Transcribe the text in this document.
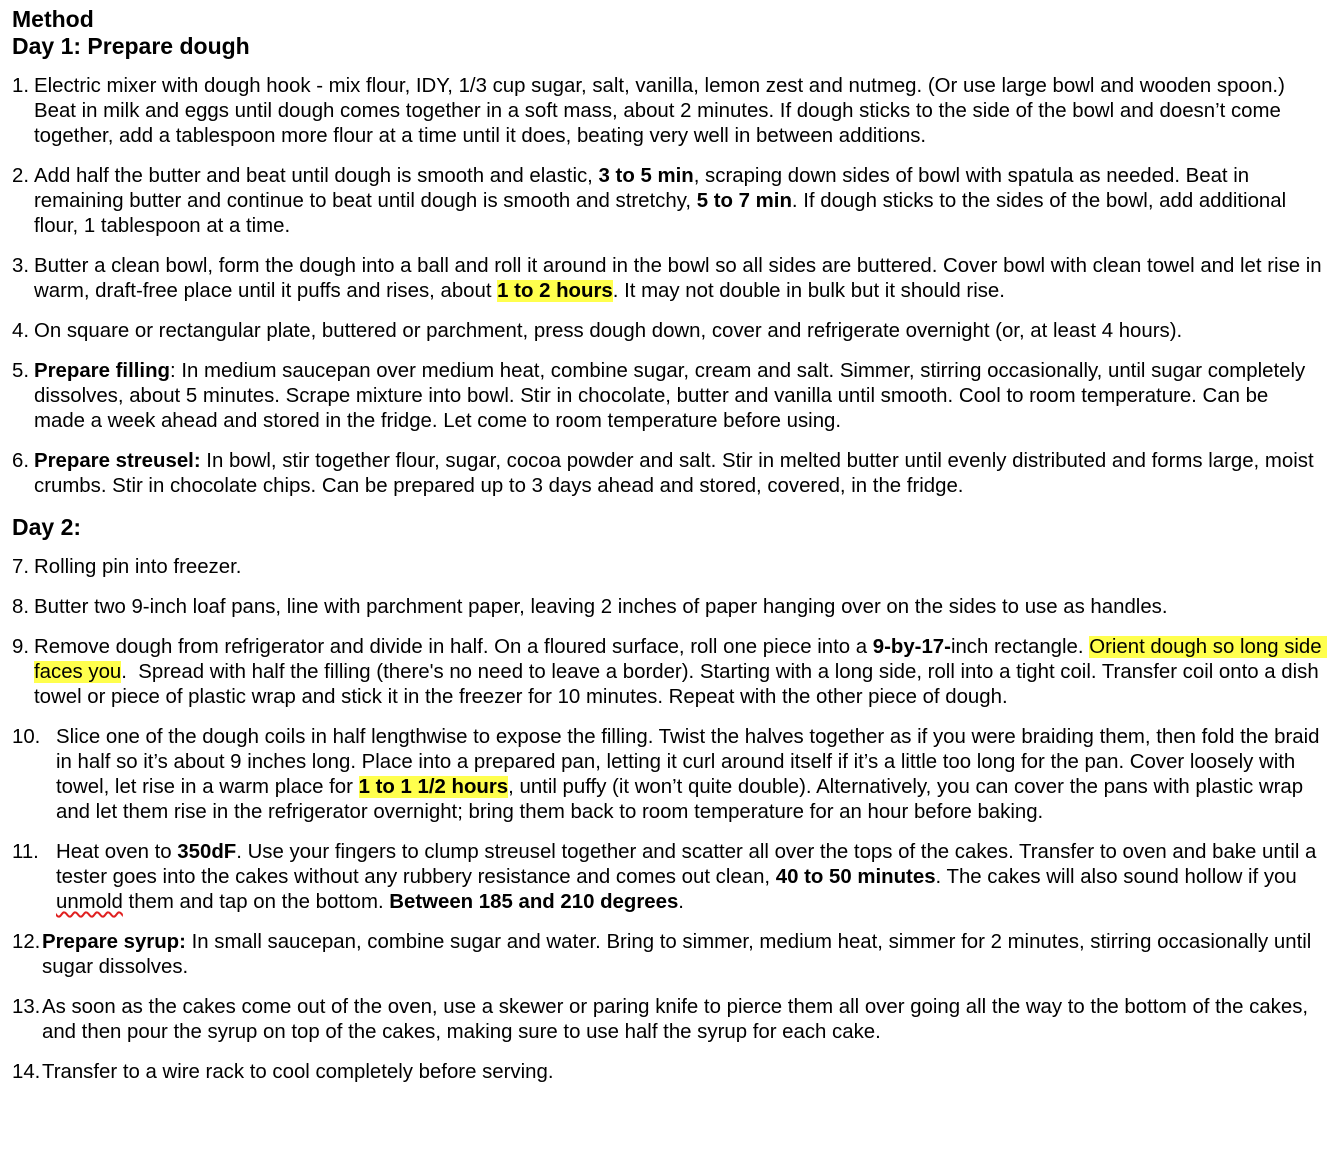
Method
Day 1: Prepare dough
1. Electric mixer with dough hook - mix flour, IDY, 1/3 cup sugar, salt, vanilla, lemon zest and nutmeg. (Or use large bowl and wooden spoon.) Beat in milk and eggs until dough comes together in a soft mass, about 2 minutes. If dough sticks to the side of the bowl and doesn’t come together, add a tablespoon more flour at a time until it does, beating very well in between additions.
2. Add half the butter and beat until dough is smooth and elastic, 3 to 5 min, scraping down sides of bowl with spatula as needed. Beat in remaining butter and continue to beat until dough is smooth and stretchy, 5 to 7 min. If dough sticks to the sides of the bowl, add additional flour, 1 tablespoon at a time.
3. Butter a clean bowl, form the dough into a ball and roll it around in the bowl so all sides are buttered. Cover bowl with clean towel and let rise in warm, draft-free place until it puffs and rises, about 1 to 2 hours. It may not double in bulk but it should rise.
4. On square or rectangular plate, buttered or parchment, press dough down, cover and refrigerate overnight (or, at least 4 hours).
5. Prepare filling: In medium saucepan over medium heat, combine sugar, cream and salt. Simmer, stirring occasionally, until sugar completely dissolves, about 5 minutes. Scrape mixture into bowl. Stir in chocolate, butter and vanilla until smooth. Cool to room temperature. Can be made a week ahead and stored in the fridge. Let come to room temperature before using.
6. Prepare streusel: In bowl, stir together flour, sugar, cocoa powder and salt. Stir in melted butter until evenly distributed and forms large, moist crumbs. Stir in chocolate chips. Can be prepared up to 3 days ahead and stored, covered, in the fridge.
Day 2:
7. Rolling pin into freezer.
8. Butter two 9-inch loaf pans, line with parchment paper, leaving 2 inches of paper hanging over on the sides to use as handles.
9. Remove dough from refrigerator and divide in half. On a floured surface, roll one piece into a 9-by-17-inch rectangle. Orient dough so long side faces you.  Spread with half the filling (there's no need to leave a border). Starting with a long side, roll into a tight coil. Transfer coil onto a dish towel or piece of plastic wrap and stick it in the freezer for 10 minutes. Repeat with the other piece of dough.
10. Slice one of the dough coils in half lengthwise to expose the filling. Twist the halves together as if you were braiding them, then fold the braid in half so it’s about 9 inches long. Place into a prepared pan, letting it curl around itself if it’s a little too long for the pan. Cover loosely with towel, let rise in a warm place for 1 to 1 1/2 hours, until puffy (it won’t quite double). Alternatively, you can cover the pans with plastic wrap and let them rise in the refrigerator overnight; bring them back to room temperature for an hour before baking.
11. Heat oven to 350dF. Use your fingers to clump streusel together and scatter all over the tops of the cakes. Transfer to oven and bake until a tester goes into the cakes without any rubbery resistance and comes out clean, 40 to 50 minutes. The cakes will also sound hollow if you unmold them and tap on the bottom. Between 185 and 210 degrees.
12. Prepare syrup: In small saucepan, combine sugar and water. Bring to simmer, medium heat, simmer for 2 minutes, stirring occasionally until sugar dissolves.
13. As soon as the cakes come out of the oven, use a skewer or paring knife to pierce them all over going all the way to the bottom of the cakes, and then pour the syrup on top of the cakes, making sure to use half the syrup for each cake.
14. Transfer to a wire rack to cool completely before serving.
